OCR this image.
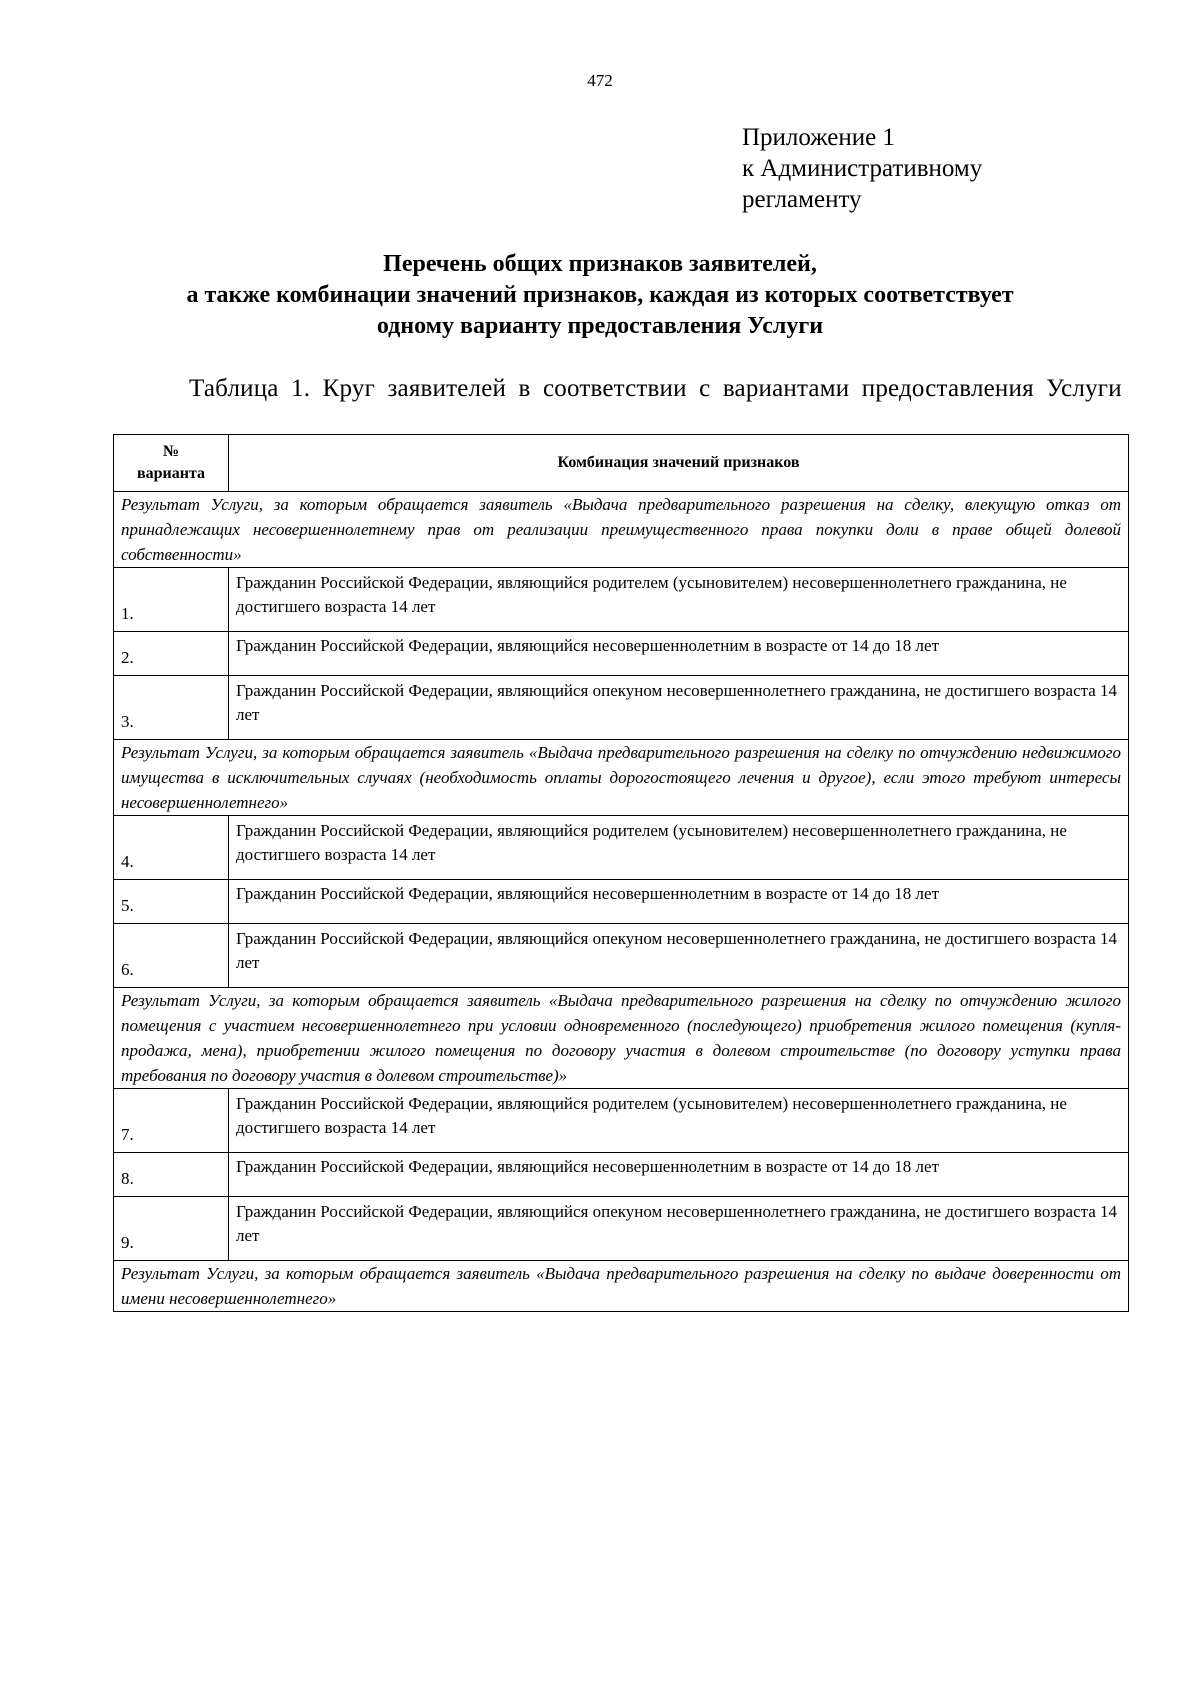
472
Приложение 1
к Административному
регламенту
Перечень общих признаков заявителей,
а также комбинации значений признаков, каждая из которых соответствует
одному варианту предоставления Услуги
Таблица 1. Круг заявителей в соответствии с вариантами предоставления Услуги
№
варианта	Комбинация значений признаков
Результат Услуги, за которым обращается заявитель «Выдача предварительного разрешения на сделку, влекущую отказ от принадлежащих несовершеннолетнему прав от реализации преимущественного права покупки доли в праве общей долевой собственности»	
1.	Гражданин Российской Федерации, являющийся родителем (усыновителем) несовершеннолетнего гражданина, не достигшего возраста 14 лет
2.	Гражданин Российской Федерации, являющийся несовершеннолетним в возрасте от 14 до 18 лет
3.	Гражданин Российской Федерации, являющийся опекуном несовершеннолетнего гражданина, не достигшего возраста 14 лет
Результат Услуги, за которым обращается заявитель «Выдача предварительного разрешения на сделку по отчуждению недвижимого имущества в исключительных случаях (необходимость оплаты дорогостоящего лечения и другое), если этого требуют интересы несовершеннолетнего»	
4.	Гражданин Российской Федерации, являющийся родителем (усыновителем) несовершеннолетнего гражданина, не достигшего возраста 14 лет
5.	Гражданин Российской Федерации, являющийся несовершеннолетним в возрасте от 14 до 18 лет
6.	Гражданин Российской Федерации, являющийся опекуном несовершеннолетнего гражданина, не достигшего возраста 14 лет
Результат Услуги, за которым обращается заявитель «Выдача предварительного разрешения на сделку по отчуждению жилого помещения с участием несовершеннолетнего при условии одновременного (последующего) приобретения жилого помещения (купля-продажа, мена), приобретении жилого помещения по договору участия в долевом строительстве (по договору уступки права требования по договору участия в долевом строительстве)»	
7.	Гражданин Российской Федерации, являющийся родителем (усыновителем) несовершеннолетнего гражданина, не достигшего возраста 14 лет
8.	Гражданин Российской Федерации, являющийся несовершеннолетним в возрасте от 14 до 18 лет
9.	Гражданин Российской Федерации, являющийся опекуном несовершеннолетнего гражданина, не достигшего возраста 14 лет
Результат Услуги, за которым обращается заявитель «Выдача предварительного разрешения на сделку по выдаче доверенности от имени несовершеннолетнего»	
